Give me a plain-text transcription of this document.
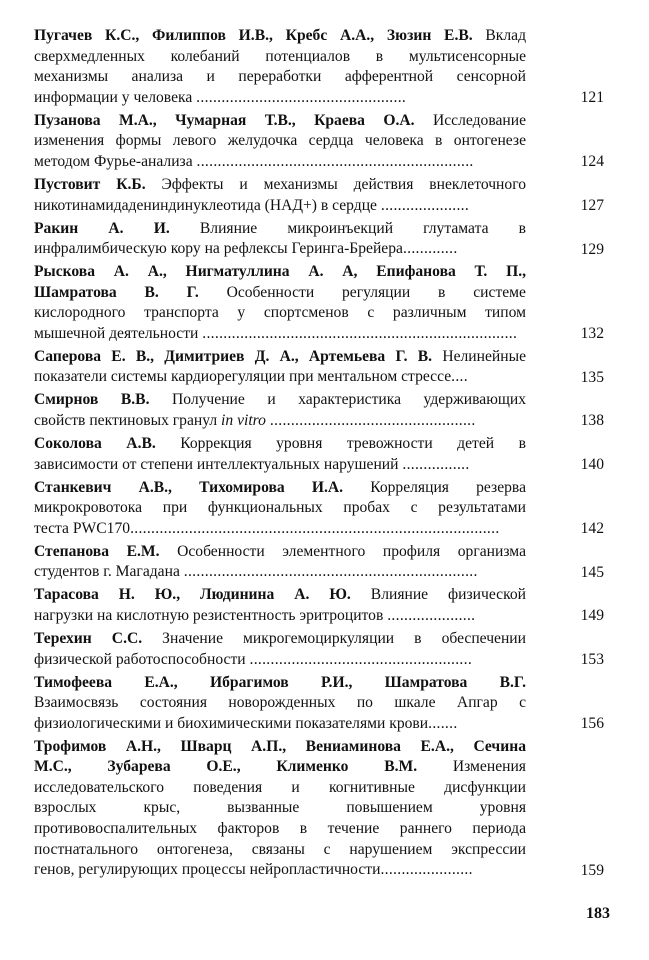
Пугачев К.С., Филиппов И.В., Кребс А.А., Зюзин Е.В. Вклад
сверхмедленных колебаний потенциалов в мультисенсорные
механизмы анализа и переработки афферентной сенсорной
информации у человека ..................................................	121
Пузанова М.А., Чумарная Т.В., Краева О.А. Исследование
изменения формы левого желудочка сердца человека в онтогенезе
методом Фурье-анализа ..................................................................	124
Пустовит К.Б. Эффекты и механизмы действия внеклеточного
никотинамидадениндинуклеотида (НАД+) в сердце .....................	127
Ракин А. И. Влияние микроинъекций глутамата в
инфралимбическую кору на рефлексы Геринга-Брейера.............	129
Рыскова А. А., Нигматуллина А. А, Епифанова Т. П.,
Шамратова В. Г. Особенности регуляции в системе
кислородного транспорта у спортсменов с различным типом
мышечной деятельности ...........................................................................	132
Саперова Е. В., Димитриев Д. А., Артемьева Г. В. Нелинейные
показатели системы кардиорегуляции при ментальном стрессе....	135
Смирнов В.В. Получение и характеристика удерживающих
свойств пектиновых гранул in vitro .................................................	138
Соколова А.В. Коррекция уровня тревожности детей в
зависимости от степени интеллектуальных нарушений ................	140
Станкевич А.В., Тихомирова И.А. Корреляция резерва
микрокровотока при функциональных пробах с результатами
теста PWC170........................................................................................	142
Степанова Е.М. Особенности элементного профиля организма
студентов г. Магадана ......................................................................	145
Тарасова Н. Ю., Людинина А. Ю. Влияние физической
нагрузки на кислотную резистентность эритроцитов .....................	149
Терехин С.С. Значение микрогемоциркуляции в обеспечении
физической работоспособности .....................................................	153
Тимофеева Е.А., Ибрагимов Р.И., Шамратова В.Г.
Взаимосвязь состояния новорожденных по шкале Апгар с
физиологическими и биохимическими показателями крови.......	156
Трофимов А.Н., Шварц А.П., Вениаминова Е.А., Сечина
М.С., Зубарева О.Е., Клименко В.М. Изменения
исследовательского поведения и когнитивные дисфункции
взрослых крыс, вызванные повышением уровня
противовоспалительных факторов в течение раннего периода
постнатального онтогенеза, связаны с нарушением экспрессии
генов, регулирующих процессы нейропластичности......................	159
183
